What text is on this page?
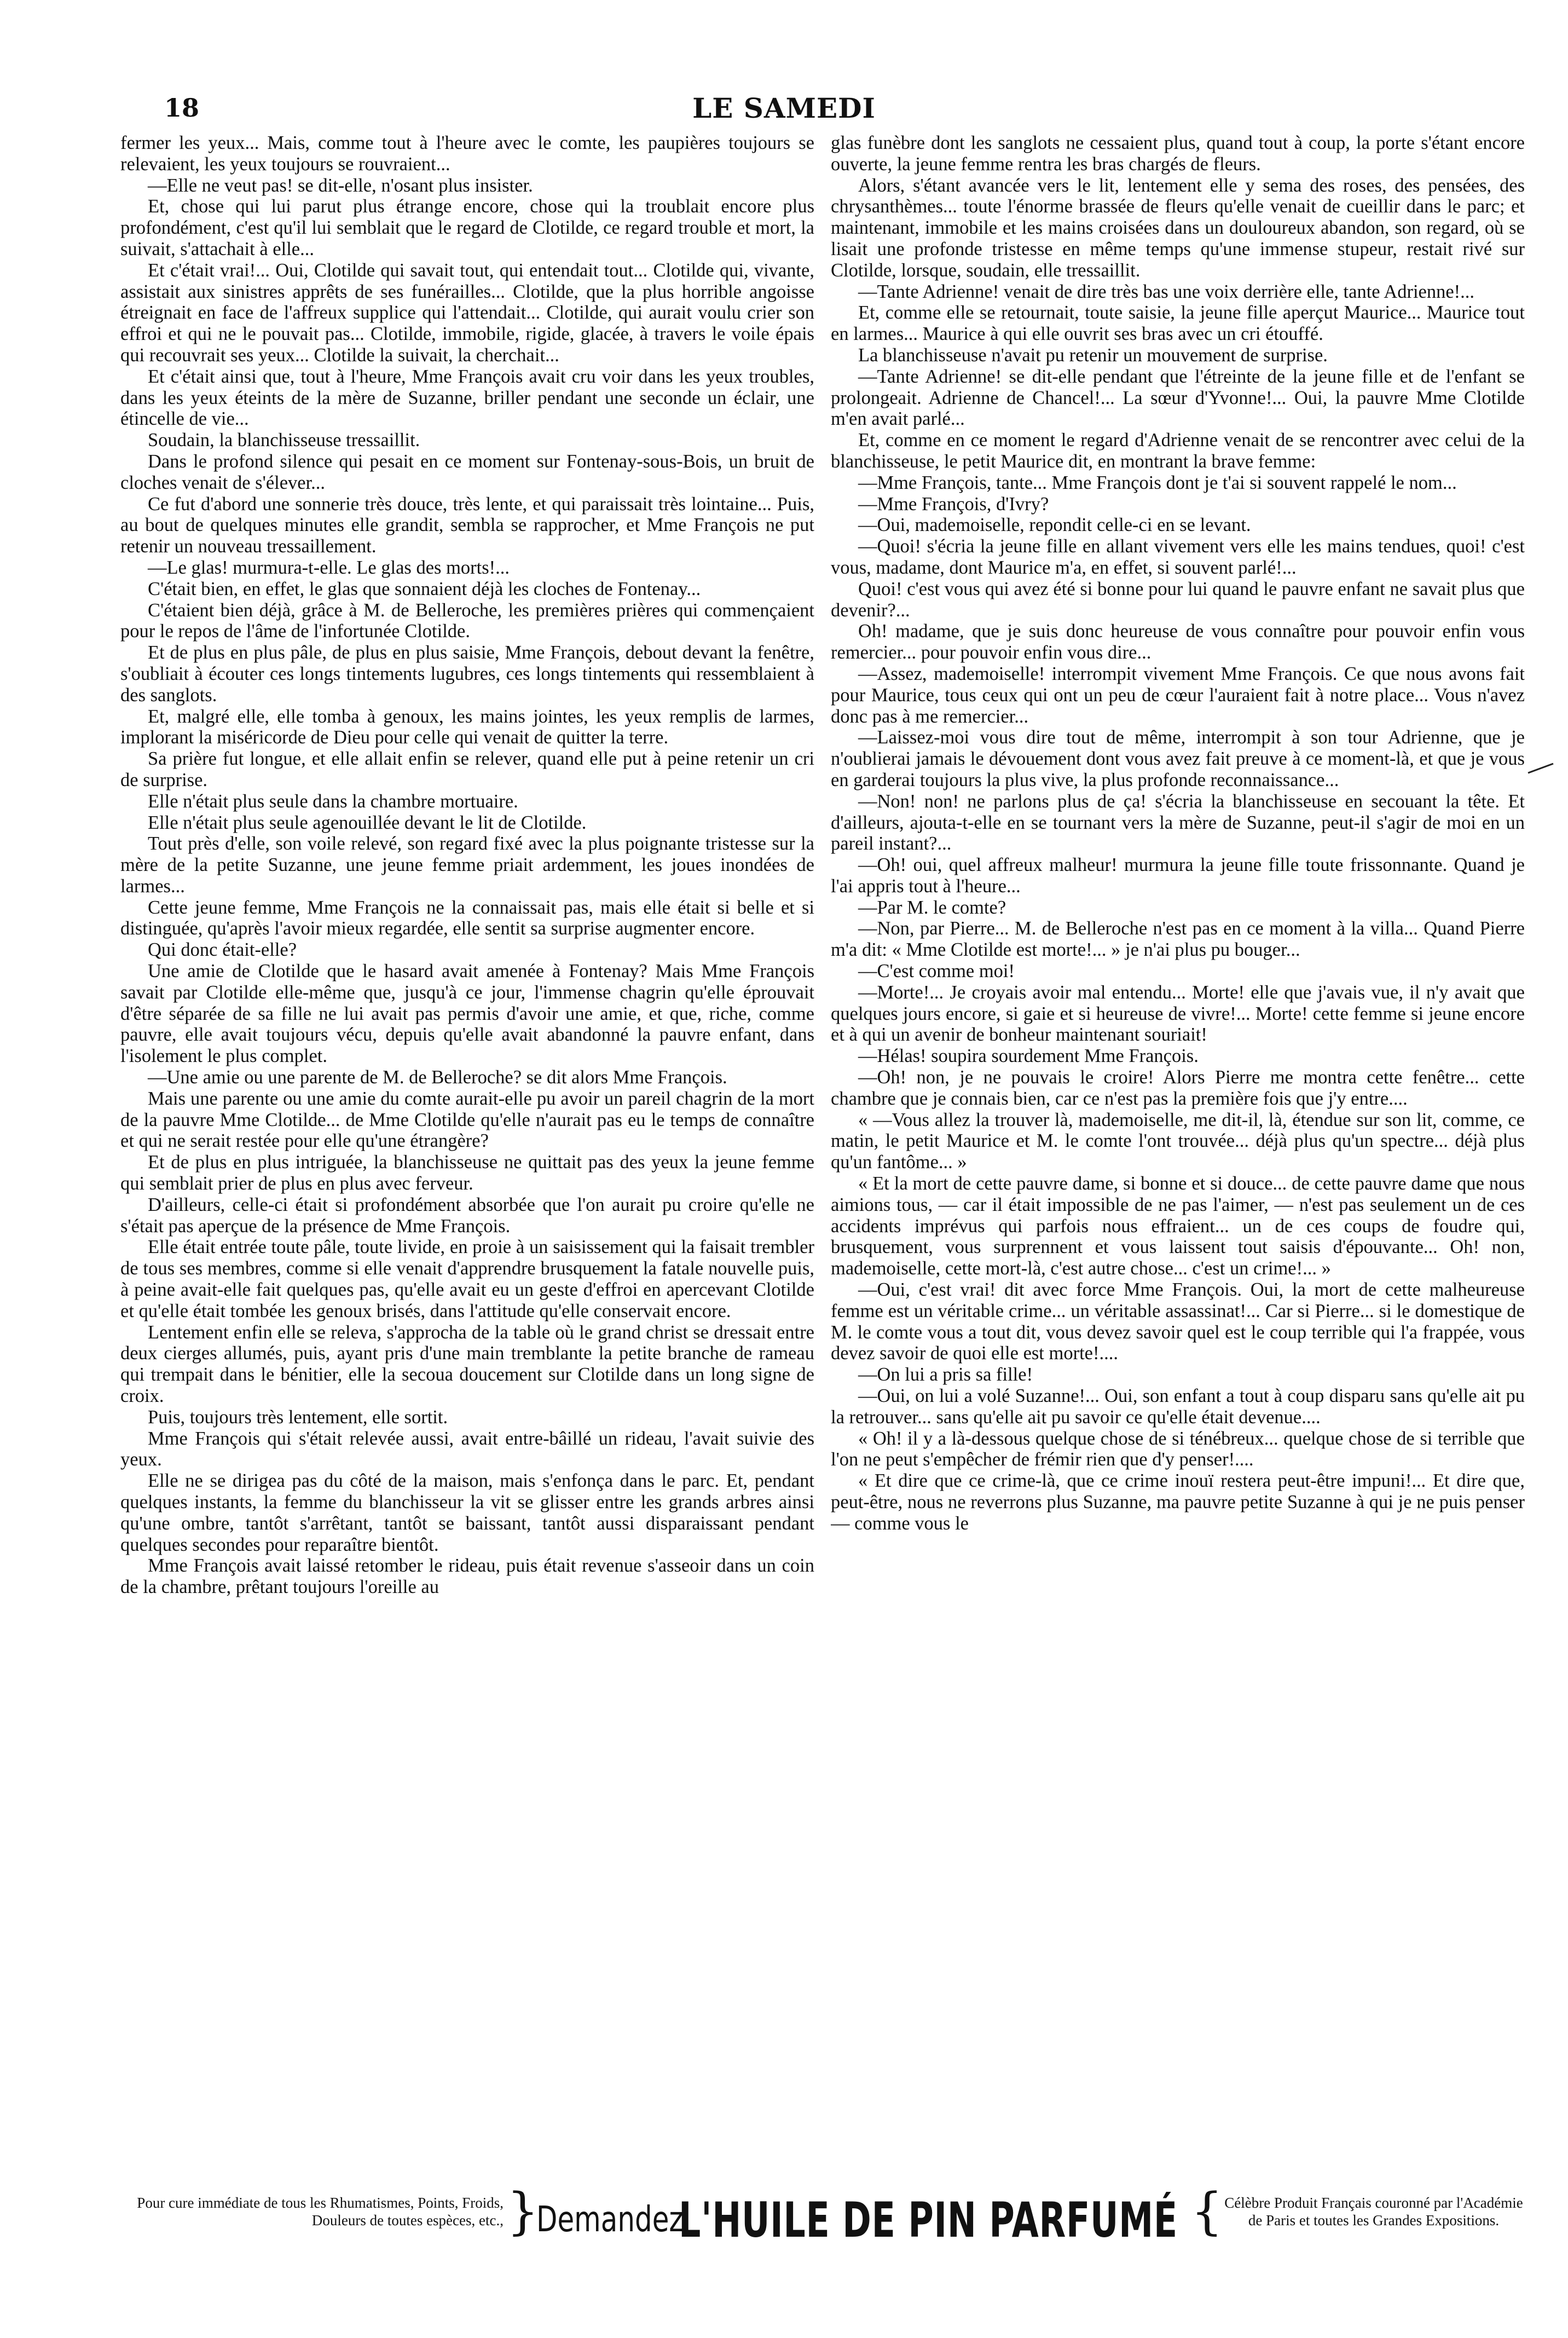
18	LE SAMEDI

fermer les yeux... Mais, comme tout à l'heure avec le comte, les paupières toujours se relevaient, les yeux toujours se rouvraient...

—Elle ne veut pas! se dit-elle, n'osant plus insister.

Et, chose qui lui parut plus étrange encore, chose qui la troublait encore plus profondément, c'est qu'il lui semblait que le regard de Clotilde, ce regard trouble et mort, la suivait, s'attachait à elle...

Et c'était vrai!... Oui, Clotilde qui savait tout, qui entendait tout... Clotilde qui, vivante, assistait aux sinistres apprêts de ses funérailles... Clotilde, que la plus horrible angoisse étreignait en face de l'affreux supplice qui l'attendait... Clotilde, qui aurait voulu crier son effroi et qui ne le pouvait pas... Clotilde, immobile, rigide, glacée, à travers le voile épais qui recouvrait ses yeux... Clotilde la suivait, la cherchait...

Et c'était ainsi que, tout à l'heure, Mme François avait cru voir dans les yeux troubles, dans les yeux éteints de la mère de Suzanne, briller pendant une seconde un éclair, une étincelle de vie...

Soudain, la blanchisseuse tressaillit.

Dans le profond silence qui pesait en ce moment sur Fontenay-sous-Bois, un bruit de cloches venait de s'élever...

Ce fut d'abord une sonnerie très douce, très lente, et qui paraissait très lointaine... Puis, au bout de quelques minutes elle grandit, sembla se rapprocher, et Mme François ne put retenir un nouveau tressaillement.

—Le glas! murmura-t-elle. Le glas des morts!...

C'était bien, en effet, le glas que sonnaient déjà les cloches de Fontenay...

C'étaient bien déjà, grâce à M. de Belleroche, les premières prières qui commençaient pour le repos de l'âme de l'infortunée Clotilde.

Et de plus en plus pâle, de plus en plus saisie, Mme François, debout devant la fenêtre, s'oubliait à écouter ces longs tintements lugubres, ces longs tintements qui ressemblaient à des sanglots.

Et, malgré elle, elle tomba à genoux, les mains jointes, les yeux remplis de larmes, implorant la miséricorde de Dieu pour celle qui venait de quitter la terre.

Sa prière fut longue, et elle allait enfin se relever, quand elle put à peine retenir un cri de surprise.

Elle n'était plus seule dans la chambre mortuaire.

Elle n'était plus seule agenouillée devant le lit de Clotilde.

Tout près d'elle, son voile relevé, son regard fixé avec la plus poignante tristesse sur la mère de la petite Suzanne, une jeune femme priait ardemment, les joues inondées de larmes...

Cette jeune femme, Mme François ne la connaissait pas, mais elle était si belle et si distinguée, qu'après l'avoir mieux regardée, elle sentit sa surprise augmenter encore.

Qui donc était-elle?

Une amie de Clotilde que le hasard avait amenée à Fontenay? Mais Mme François savait par Clotilde elle-même que, jusqu'à ce jour, l'immense chagrin qu'elle éprouvait d'être séparée de sa fille ne lui avait pas permis d'avoir une amie, et que, riche, comme pauvre, elle avait toujours vécu, depuis qu'elle avait abandonné la pauvre enfant, dans l'isolement le plus complet.

—Une amie ou une parente de M. de Belleroche? se dit alors Mme François.

Mais une parente ou une amie du comte aurait-elle pu avoir un pareil chagrin de la mort de la pauvre Mme Clotilde... de Mme Clotilde qu'elle n'aurait pas eu le temps de connaître et qui ne serait restée pour elle qu'une étrangère?

Et de plus en plus intriguée, la blanchisseuse ne quittait pas des yeux la jeune femme qui semblait prier de plus en plus avec ferveur.

D'ailleurs, celle-ci était si profondément absorbée que l'on aurait pu croire qu'elle ne s'était pas aperçue de la présence de Mme François.

Elle était entrée toute pâle, toute livide, en proie à un saisissement qui la faisait trembler de tous ses membres, comme si elle venait d'apprendre brusquement la fatale nouvelle puis, à peine avait-elle fait quelques pas, qu'elle avait eu un geste d'effroi en apercevant Clotilde et qu'elle était tombée les genoux brisés, dans l'attitude qu'elle conservait encore.

Lentement enfin elle se releva, s'approcha de la table où le grand christ se dressait entre deux cierges allumés, puis, ayant pris d'une main tremblante la petite branche de rameau qui trempait dans le bénitier, elle la secoua doucement sur Clotilde dans un long signe de croix.

Puis, toujours très lentement, elle sortit.

Mme François qui s'était relevée aussi, avait entre-bâillé un rideau, l'avait suivie des yeux.

Elle ne se dirigea pas du côté de la maison, mais s'enfonça dans le parc. Et, pendant quelques instants, la femme du blanchisseur la vit se glisser entre les grands arbres ainsi qu'une ombre, tantôt s'arrêtant, tantôt se baissant, tantôt aussi disparaissant pendant quelques secondes pour reparaître bientôt.

Mme François avait laissé retomber le rideau, puis était revenue s'asseoir dans un coin de la chambre, prêtant toujours l'oreille au

glas funèbre dont les sanglots ne cessaient plus, quand tout à coup, la porte s'étant encore ouverte, la jeune femme rentra les bras chargés de fleurs.

Alors, s'étant avancée vers le lit, lentement elle y sema des roses, des pensées, des chrysanthèmes... toute l'énorme brassée de fleurs qu'elle venait de cueillir dans le parc; et maintenant, immobile et les mains croisées dans un douloureux abandon, son regard, où se lisait une profonde tristesse en même temps qu'une immense stupeur, restait rivé sur Clotilde, lorsque, soudain, elle tressaillit.

—Tante Adrienne! venait de dire très bas une voix derrière elle, tante Adrienne!...

Et, comme elle se retournait, toute saisie, la jeune fille aperçut Maurice... Maurice tout en larmes... Maurice à qui elle ouvrit ses bras avec un cri étouffé.

La blanchisseuse n'avait pu retenir un mouvement de surprise.

—Tante Adrienne! se dit-elle pendant que l'étreinte de la jeune fille et de l'enfant se prolongeait. Adrienne de Chancel!... La sœur d'Yvonne!... Oui, la pauvre Mme Clotilde m'en avait parlé...

Et, comme en ce moment le regard d'Adrienne venait de se rencontrer avec celui de la blanchisseuse, le petit Maurice dit, en montrant la brave femme:

—Mme François, tante... Mme François dont je t'ai si souvent rappelé le nom...

—Mme François, d'Ivry?

—Oui, mademoiselle, repondit celle-ci en se levant.

—Quoi! s'écria la jeune fille en allant vivement vers elle les mains tendues, quoi! c'est vous, madame, dont Maurice m'a, en effet, si souvent parlé!...

Quoi! c'est vous qui avez été si bonne pour lui quand le pauvre enfant ne savait plus que devenir?...

Oh! madame, que je suis donc heureuse de vous connaître pour pouvoir enfin vous remercier... pour pouvoir enfin vous dire...

—Assez, mademoiselle! interrompit vivement Mme François. Ce que nous avons fait pour Maurice, tous ceux qui ont un peu de cœur l'auraient fait à notre place... Vous n'avez donc pas à me remercier...

—Laissez-moi vous dire tout de même, interrompit à son tour Adrienne, que je n'oublierai jamais le dévouement dont vous avez fait preuve à ce moment-là, et que je vous en garderai toujours la plus vive, la plus profonde reconnaissance...

—Non! non! ne parlons plus de ça! s'écria la blanchisseuse en secouant la tête. Et d'ailleurs, ajouta-t-elle en se tournant vers la mère de Suzanne, peut-il s'agir de moi en un pareil instant?...

—Oh! oui, quel affreux malheur! murmura la jeune fille toute frissonnante. Quand je l'ai appris tout à l'heure...

—Par M. le comte?

—Non, par Pierre... M. de Belleroche n'est pas en ce moment à la villa... Quand Pierre m'a dit: « Mme Clotilde est morte!... » je n'ai plus pu bouger...

—C'est comme moi!

—Morte!... Je croyais avoir mal entendu... Morte! elle que j'avais vue, il n'y avait que quelques jours encore, si gaie et si heureuse de vivre!... Morte! cette femme si jeune encore et à qui un avenir de bonheur maintenant souriait!

—Hélas! soupira sourdement Mme François.

—Oh! non, je ne pouvais le croire! Alors Pierre me montra cette fenêtre... cette chambre que je connais bien, car ce n'est pas la première fois que j'y entre....

« —Vous allez la trouver là, mademoiselle, me dit-il, là, étendue sur son lit, comme, ce matin, le petit Maurice et M. le comte l'ont trouvée... déjà plus qu'un spectre... déjà plus qu'un fantôme... »

« Et la mort de cette pauvre dame, si bonne et si douce... de cette pauvre dame que nous aimions tous, — car il était impossible de ne pas l'aimer, — n'est pas seulement un de ces accidents imprévus qui parfois nous effraient... un de ces coups de foudre qui, brusquement, vous surprennent et vous laissent tout saisis d'épouvante... Oh! non, mademoiselle, cette mort-là, c'est autre chose... c'est un crime!... »

—Oui, c'est vrai! dit avec force Mme François. Oui, la mort de cette malheureuse femme est un véritable crime... un véritable assassinat!... Car si Pierre... si le domestique de M. le comte vous a tout dit, vous devez savoir quel est le coup terrible qui l'a frappée, vous devez savoir de quoi elle est morte!....

—On lui a pris sa fille!

—Oui, on lui a volé Suzanne!... Oui, son enfant a tout à coup disparu sans qu'elle ait pu la retrouver... sans qu'elle ait pu savoir ce qu'elle était devenue....

« Oh! il y a là-dessous quelque chose de si ténébreux... quelque chose de si terrible que l'on ne peut s'empêcher de frémir rien que d'y penser!....

« Et dire que ce crime-là, que ce crime inouï restera peut-être impuni!... Et dire que, peut-être, nous ne reverrons plus Suzanne, ma pauvre petite Suzanne à qui je ne puis penser — comme vous le

Pour cure immédiate de tous les Rhumatismes, Points, Froids, Douleurs de toutes espèces, etc., }
Demandez
L'HUILE DE PIN PARFUMÉ { Célèbre Produit Français couronné par l'Académie de Paris et toutes les Grandes Expositions.
